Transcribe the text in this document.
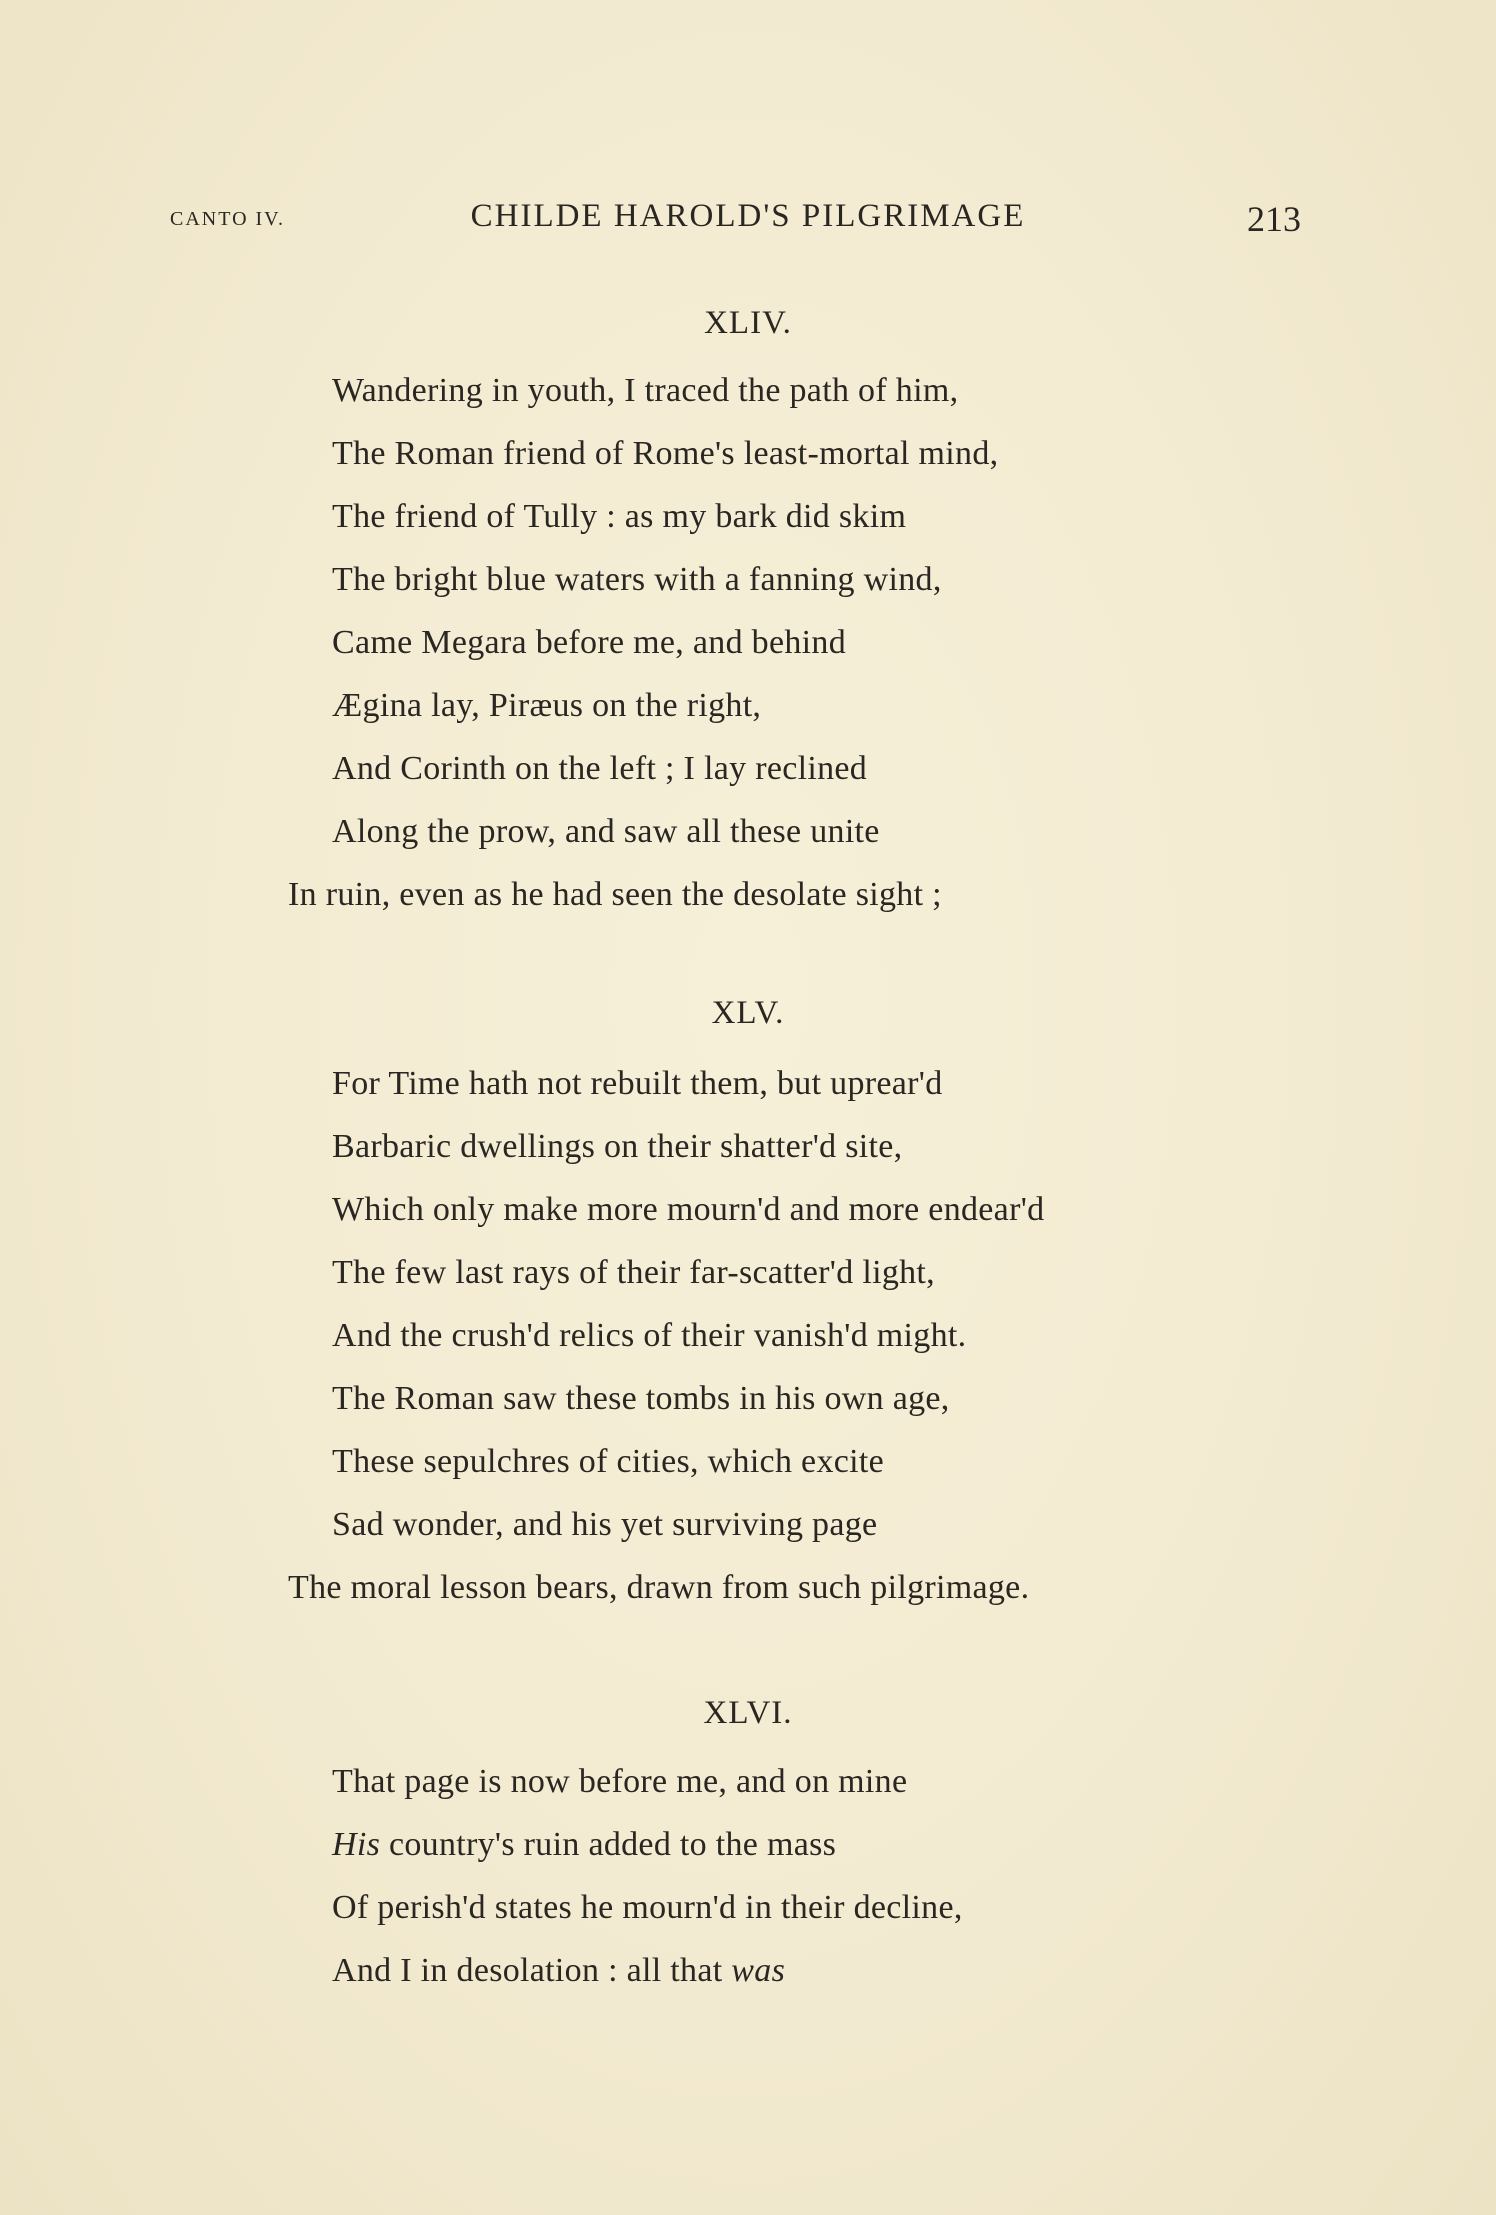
CANTO IV.	CHILDE HAROLD'S PILGRIMAGE	213
XLIV.
Wandering in youth, I traced the path of him,
The Roman friend of Rome's least-mortal mind,
The friend of Tully : as my bark did skim
The bright blue waters with a fanning wind,
Came Megara before me, and behind
Ægina lay, Piræus on the right,
And Corinth on the left ; I lay reclined
Along the prow, and saw all these unite
In ruin, even as he had seen the desolate sight ;
XLV.
For Time hath not rebuilt them, but uprear'd
Barbaric dwellings on their shatter'd site,
Which only make more mourn'd and more endear'd
The few last rays of their far-scatter'd light,
And the crush'd relics of their vanish'd might.
The Roman saw these tombs in his own age,
These sepulchres of cities, which excite
Sad wonder, and his yet surviving page
The moral lesson bears, drawn from such pilgrimage.
XLVI.
That page is now before me, and on mine
His country's ruin added to the mass
Of perish'd states he mourn'd in their decline,
And I in desolation : all that was
